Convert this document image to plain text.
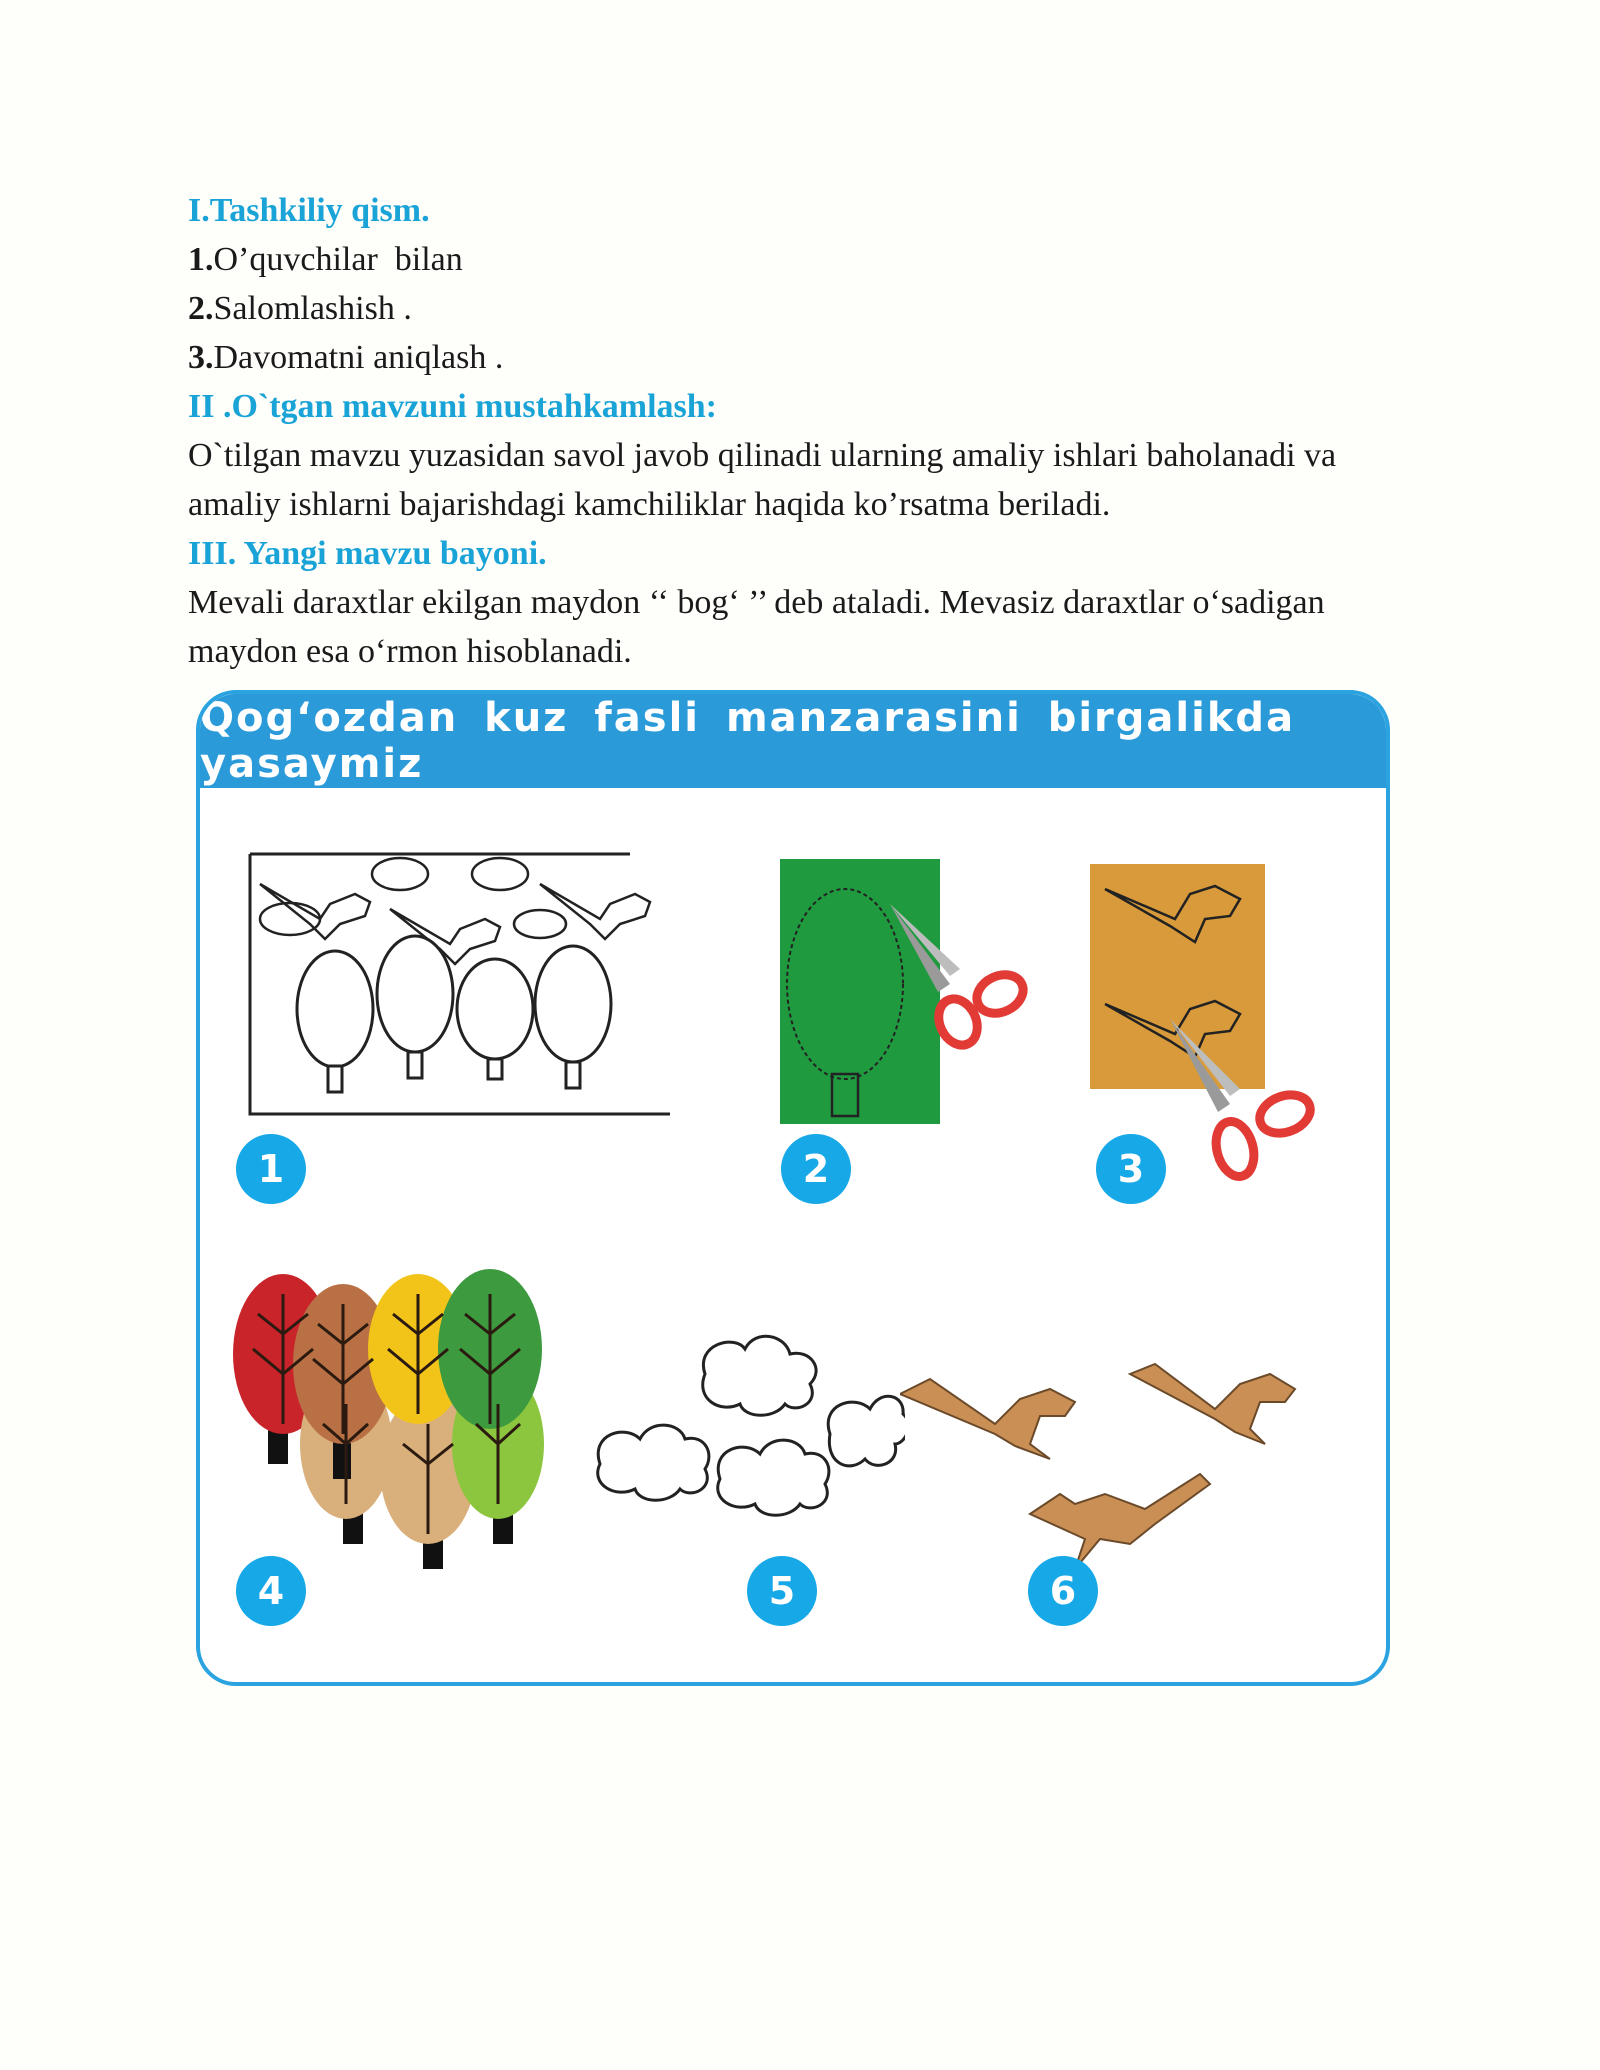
I.Tashkiliy qism.
1.O’quvchilar  bilan
2.Salomlashish .
3.Davomatni aniqlash .
II .O`tgan mavzuni mustahkamlash:
O`tilgan mavzu yuzasidan savol javob qilinadi ularning amaliy ishlari baholanadi va amaliy ishlarni bajarishdagi kamchiliklar haqida ko’rsatma beriladi.
III. Yangi mavzu bayoni.
Mevali daraxtlar ekilgan maydon ‘‘ bog‘ ’’ deb ataladi. Mevasiz daraxtlar o‘sadigan maydon esa o‘rmon hisoblanadi.
Qog‘ozdan kuz fasli manzarasini birgalikda yasaymiz
1	2	3
4	5	6
